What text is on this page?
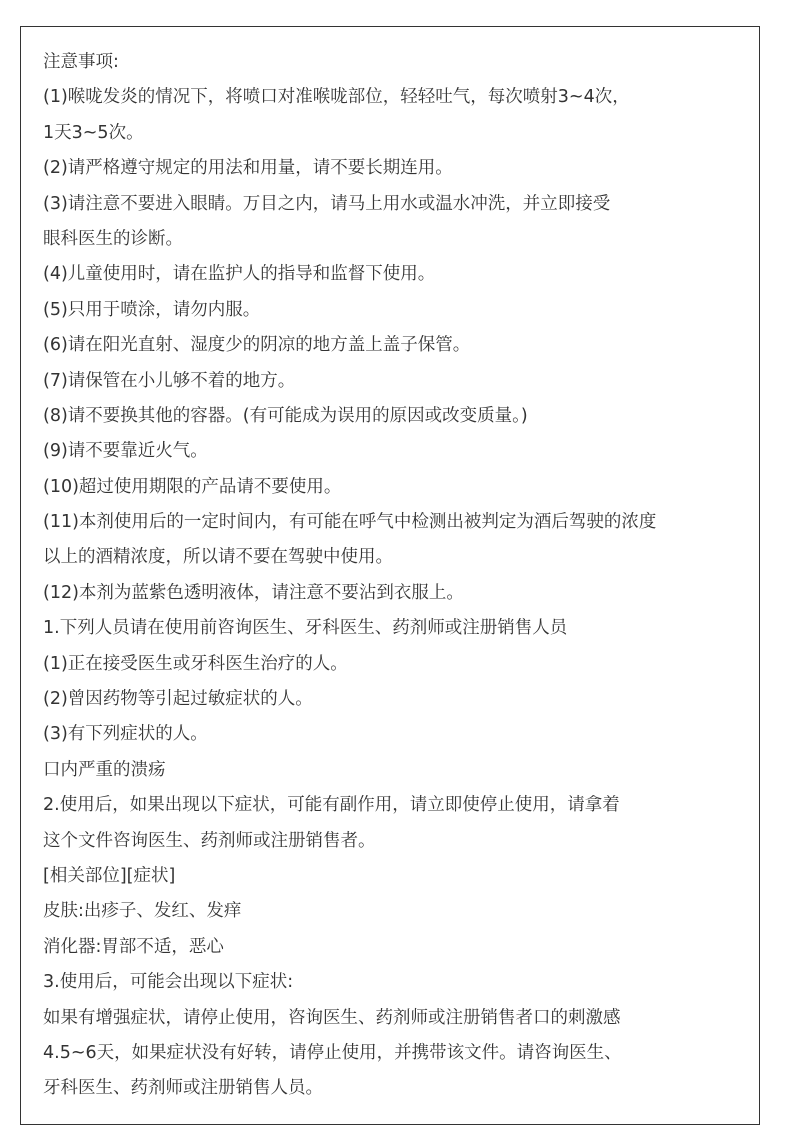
注意事项:
(1)喉咙发炎的情况下，将喷口对准喉咙部位，轻轻吐气，每次喷射3~4次，
1天3~5次。
(2)请严格遵守规定的用法和用量，请不要长期连用。
(3)请注意不要进入眼睛。万目之内，请马上用水或温水冲洗，并立即接受
眼科医生的诊断。
(4)儿童使用时，请在监护人的指导和监督下使用。
(5)只用于喷涂，请勿内服。
(6)请在阳光直射、湿度少的阴凉的地方盖上盖子保管。
(7)请保管在小儿够不着的地方。
(8)请不要换其他的容器。(有可能成为误用的原因或改变质量。)
(9)请不要靠近火气。
(10)超过使用期限的产品请不要使用。
(11)本剂使用后的一定时间内，有可能在呼气中检测出被判定为酒后驾驶的浓度
以上的酒精浓度，所以请不要在驾驶中使用。
(12)本剂为蓝紫色透明液体，请注意不要沾到衣服上。
1.下列人员请在使用前咨询医生、牙科医生、药剂师或注册销售人员
(1)正在接受医生或牙科医生治疗的人。
(2)曾因药物等引起过敏症状的人。
(3)有下列症状的人。
口内严重的溃疡
2.使用后，如果出现以下症状，可能有副作用，请立即使停止使用，请拿着
这个文件咨询医生、药剂师或注册销售者。
[相关部位][症状]
皮肤:出疹子、发红、发痒
消化器:胃部不适，恶心
3.使用后，可能会出现以下症状:
如果有增强症状，请停止使用，咨询医生、药剂师或注册销售者口的刺激感
4.5~6天，如果症状没有好转，请停止使用，并携带该文件。请咨询医生、
牙科医生、药剂师或注册销售人员。
